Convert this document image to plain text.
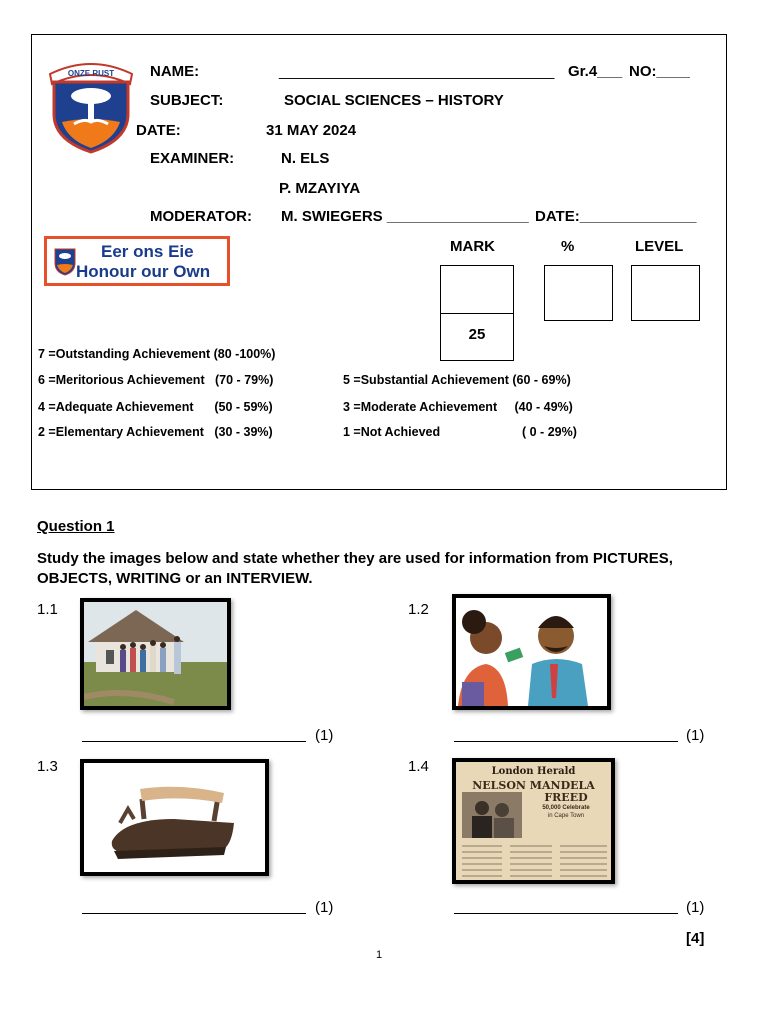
ONZE RUST NAME:	_________________________________ Gr.4___ NO:____
SUBJECT:	SOCIAL SCIENCES – HISTORY
DATE:	31 MAY 2024
EXAMINER:	N. ELS
P. MZAYIYA
MODERATOR: M. SWIEGERS _________________ DATE:______________
Eer ons Eie
Honour our Own
MARK	%	LEVEL
25
7 =Outstanding Achievement (80 -100%)
6 =Meritorious Achievement   (70 - 79%)	5 =Substantial Achievement (60 - 69%)
4 =Adequate Achievement      (50 - 59%)	3 =Moderate Achievement     (40 - 49%)
2 =Elementary Achievement   (30 - 39%)	1 =Not Achieved	( 0 - 29%)
Question 1
Study the images below and state whether they are used for information from PICTURES,
OBJECTS, WRITING or an INTERVIEW.
1.1
(1)
1.2
(1)
1.3
(1)
1.4	London Herald
NELSON MANDELA
FREED
50,000 Celebrate
in Cape Town
(1)
[4]
1
